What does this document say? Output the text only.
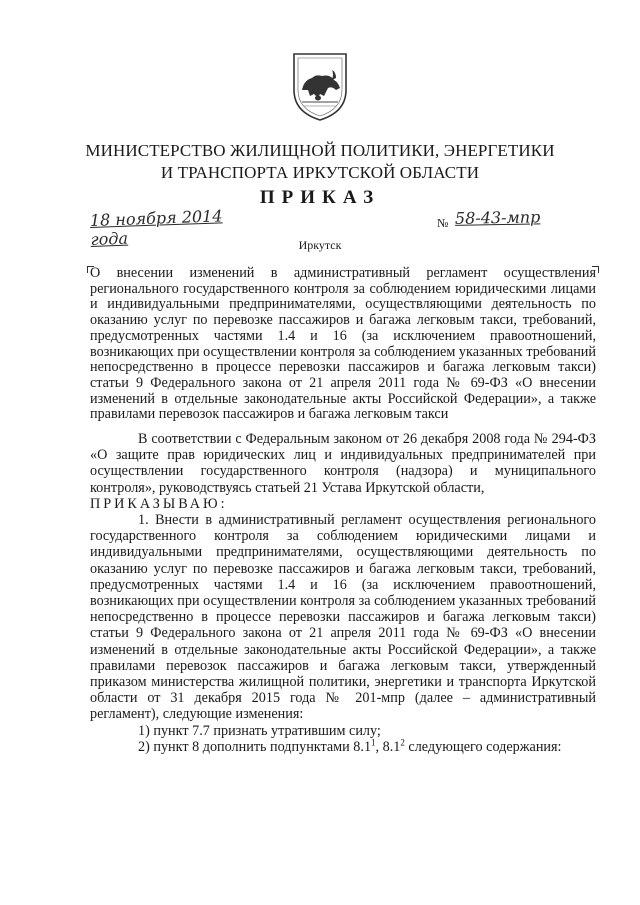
МИНИСТЕРСТВО ЖИЛИЩНОЙ ПОЛИТИКИ, ЭНЕРГЕТИКИ
И ТРАНСПОРТА ИРКУТСКОЙ ОБЛАСТИ
ПРИКАЗ
18 ноября 2014 года
№ 58-43-мпр
Иркутск
О внесении изменений в административный регламент осуществления регионального государственного контроля за соблюдением юридическими лицами и индивидуальными предпринимателями, осуществляющими деятельность по оказанию услуг по перевозке пассажиров и багажа легковым такси, требований, предусмотренных частями 1.4 и 16 (за исключением правоотношений, возникающих при осуществлении контроля за соблюдением указанных требований непосредственно в процессе перевозки пассажиров и багажа легковым такси) статьи 9 Федерального закона от 21 апреля 2011 года № 69-ФЗ «О внесении изменений в отдельные законодательные акты Российской Федерации», а также правилами перевозок пассажиров и багажа легковым такси

В соответствии с Федеральным законом от 26 декабря 2008 года № 294-ФЗ «О защите прав юридических лиц и индивидуальных предпринимателей при осуществлении государственного контроля (надзора) и муниципального контроля», руководствуясь статьей 21 Устава Иркутской области,

ПРИКАЗЫВАЮ:

1. Внести в административный регламент осуществления регионального государственного контроля за соблюдением юридическими лицами и индивидуальными предпринимателями, осуществляющими деятельность по оказанию услуг по перевозке пассажиров и багажа легковым такси, требований, предусмотренных частями 1.4 и 16 (за исключением правоотношений, возникающих при осуществлении контроля за соблюдением указанных требований непосредственно в процессе перевозки пассажиров и багажа легковым такси) статьи 9 Федерального закона от 21 апреля 2011 года № 69-ФЗ «О внесении изменений в отдельные законодательные акты Российской Федерации», а также правилами перевозок пассажиров и багажа легковым такси, утвержденный приказом министерства жилищной политики, энергетики и транспорта Иркутской области от 31 декабря 2015 года № 201-мпр (далее – административный регламент), следующие изменения:

1) пункт 7.7 признать утратившим силу;

2) пункт 8 дополнить подпунктами $8.1^1$, $8.1^2$ следующего содержания:
